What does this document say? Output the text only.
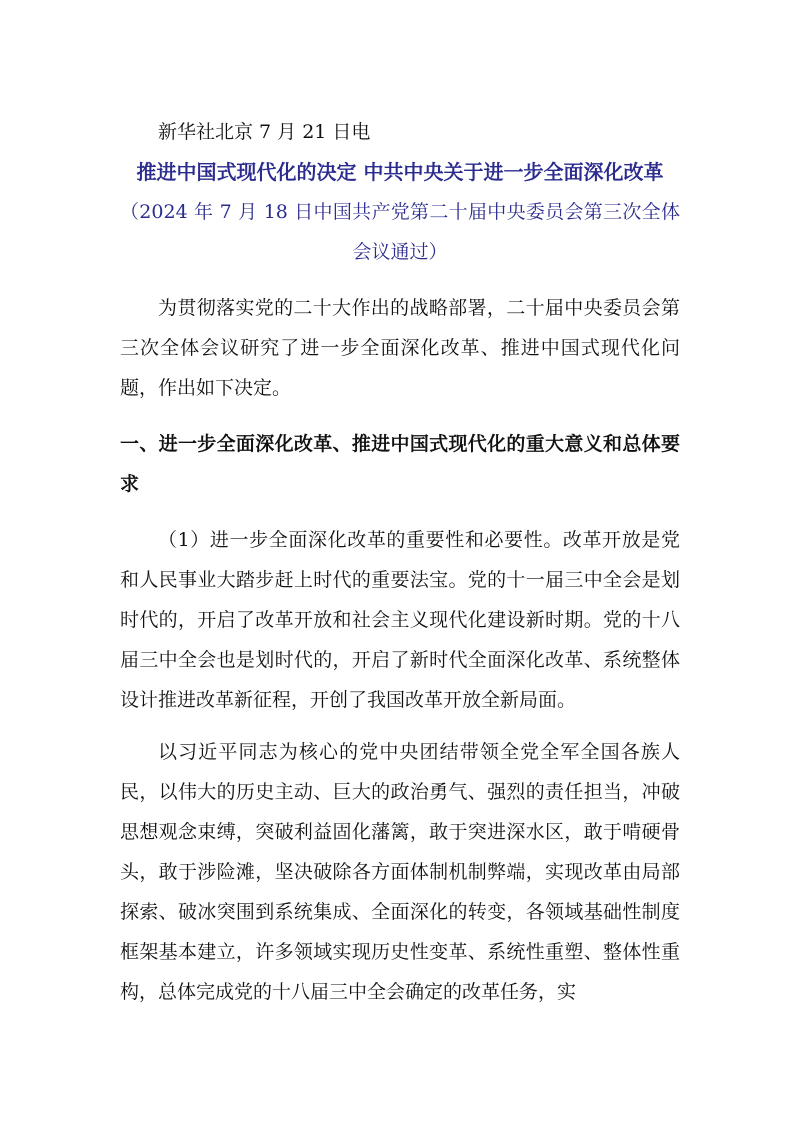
新华社北京 7 月 21 日电
推进中国式现代化的决定 中共中央关于进一步全面深化改革
（2024 年 7 月 18 日中国共产党第二十届中央委员会第三次全体会议通过）

为贯彻落实党的二十大作出的战略部署，二十届中央委员会第三次全体会议研究了进一步全面深化改革、推进中国式现代化问题，作出如下决定。

一、进一步全面深化改革、推进中国式现代化的重大意义和总体要求

（1）进一步全面深化改革的重要性和必要性。改革开放是党和人民事业大踏步赶上时代的重要法宝。党的十一届三中全会是划时代的，开启了改革开放和社会主义现代化建设新时期。党的十八届三中全会也是划时代的，开启了新时代全面深化改革、系统整体设计推进改革新征程，开创了我国改革开放全新局面。

以习近平同志为核心的党中央团结带领全党全军全国各族人民，以伟大的历史主动、巨大的政治勇气、强烈的责任担当，冲破思想观念束缚，突破利益固化藩篱，敢于突进深水区，敢于啃硬骨头，敢于涉险滩，坚决破除各方面体制机制弊端，实现改革由局部探索、破冰突围到系统集成、全面深化的转变，各领域基础性制度框架基本建立，许多领域实现历史性变革、系统性重塑、整体性重构，总体完成党的十八届三中全会确定的改革任务，实
